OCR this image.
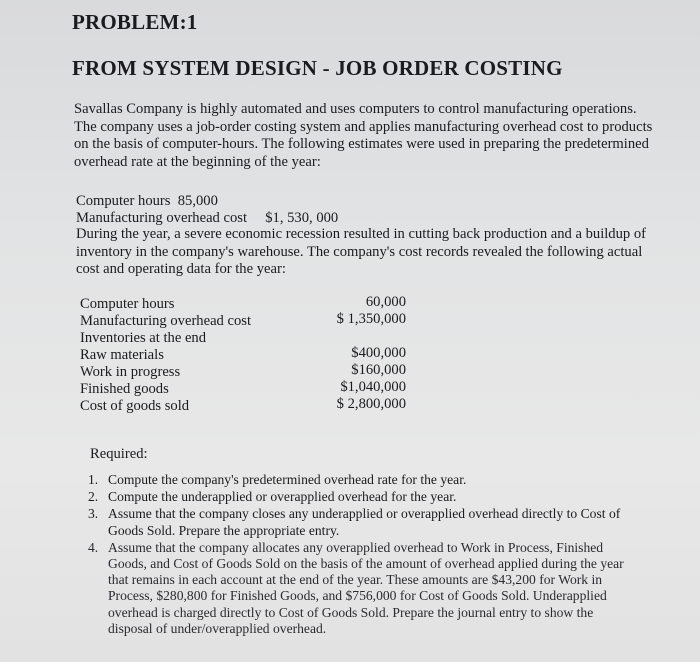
PROBLEM:1
FROM SYSTEM DESIGN - JOB ORDER COSTING
Savallas Company is highly automated and uses computers to control manufacturing operations. The company uses a job-order costing system and applies manufacturing overhead cost to products on the basis of computer-hours. The following estimates were used in preparing the predetermined overhead rate at the beginning of the year:
Computer hours  85,000
Manufacturing overhead cost     $1, 530, 000
During the year, a severe economic recession resulted in cutting back production and a buildup of inventory in the company's warehouse. The company's cost records revealed the following actual cost and operating data for the year:
Computer hours	60,000
Manufacturing overhead cost	$ 1,350,000
Inventories at the end
Raw materials	$400,000
Work in progress	$160,000
Finished goods	$1,040,000
Cost of goods sold	$ 2,800,000
Required:
1. Compute the company's predetermined overhead rate for the year.
2. Compute the underapplied or overapplied overhead for the year.
3. Assume that the company closes any underapplied or overapplied overhead directly to Cost of Goods Sold. Prepare the appropriate entry.
4. Assume that the company allocates any overapplied overhead to Work in Process, Finished Goods, and Cost of Goods Sold on the basis of the amount of overhead applied during the year that remains in each account at the end of the year. These amounts are $43,200 for Work in Process, $280,800 for Finished Goods, and $756,000 for Cost of Goods Sold. Underapplied overhead is charged directly to Cost of Goods Sold. Prepare the journal entry to show the disposal of under/overapplied overhead.
